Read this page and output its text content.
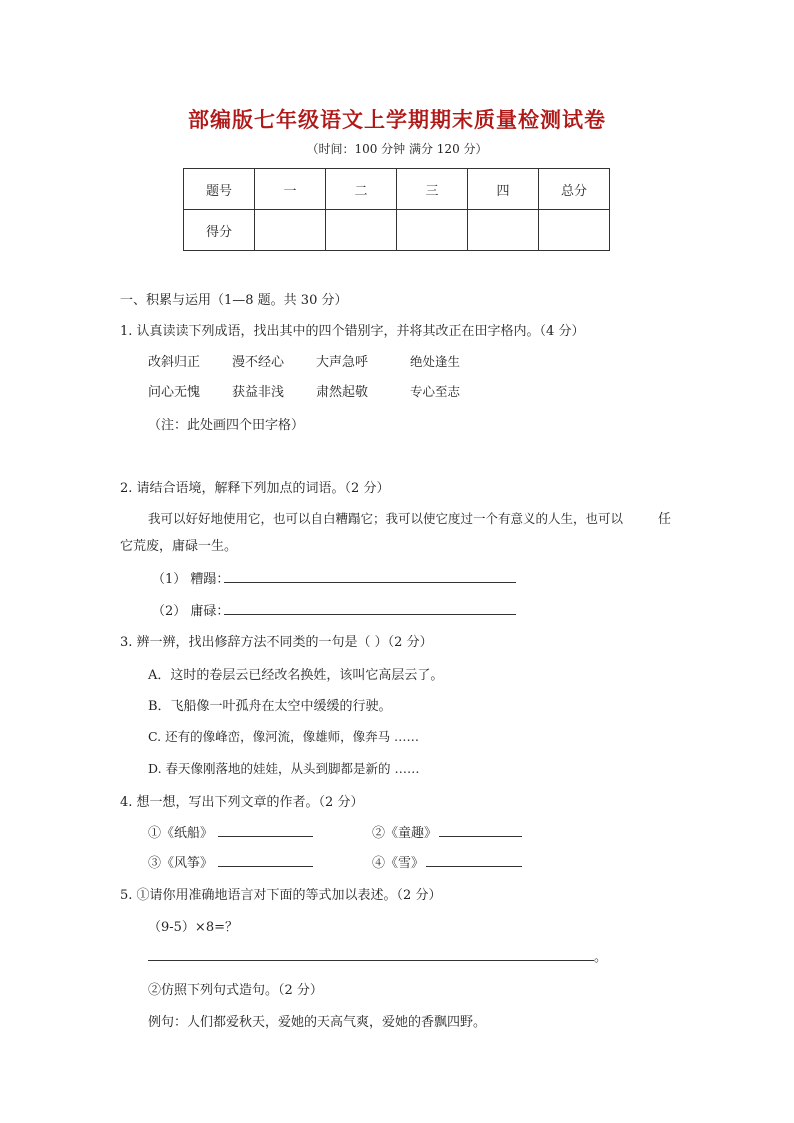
部编版七年级语文上学期期末质量检测试卷
（时间：100 分钟 满分 120 分）
题号	一	二	三	四	总分
得分					
一、积累与运用（1—8 题。共 30 分）
1. 认真读读下列成语，找出其中的四个错别字，并将其改正在田字格内。（4 分）
改斜归正 漫不经心 大声急呼	绝处逢生
问心无愧 获益非浅 肃然起敬	专心至志
（注：此处画四个田字格）
2. 请结合语境，解释下列加点的词语。（2 分）
我可以好好地使用它，也可以自白糟蹋它；我可以使它度过一个有意义的人生，也可以	任
它荒废，庸碌一生。
（1） 糟蹋：
（2） 庸碌：
3. 辨一辨，找出修辞方法不同类的一句是（ ）（2 分）
A．这时的卷层云已经改名换姓，该叫它高层云了。
B．飞船像一叶孤舟在太空中缓缓的行驶。
C. 还有的像峰峦，像河流，像雄师，像奔马 ……
D. 春天像刚落地的娃娃，从头到脚都是新的 ……
4. 想一想，写出下列文章的作者。（2 分）
①《纸船》	②《童趣》
③《风筝》	④《雪》
5. ①请你用准确地语言对下面的等式加以表述。（2 分）
（9-5）×8=？
。
②仿照下列句式造句。（2 分）
例句：人们都爱秋天，爱她的天高气爽，爱她的香飘四野。
